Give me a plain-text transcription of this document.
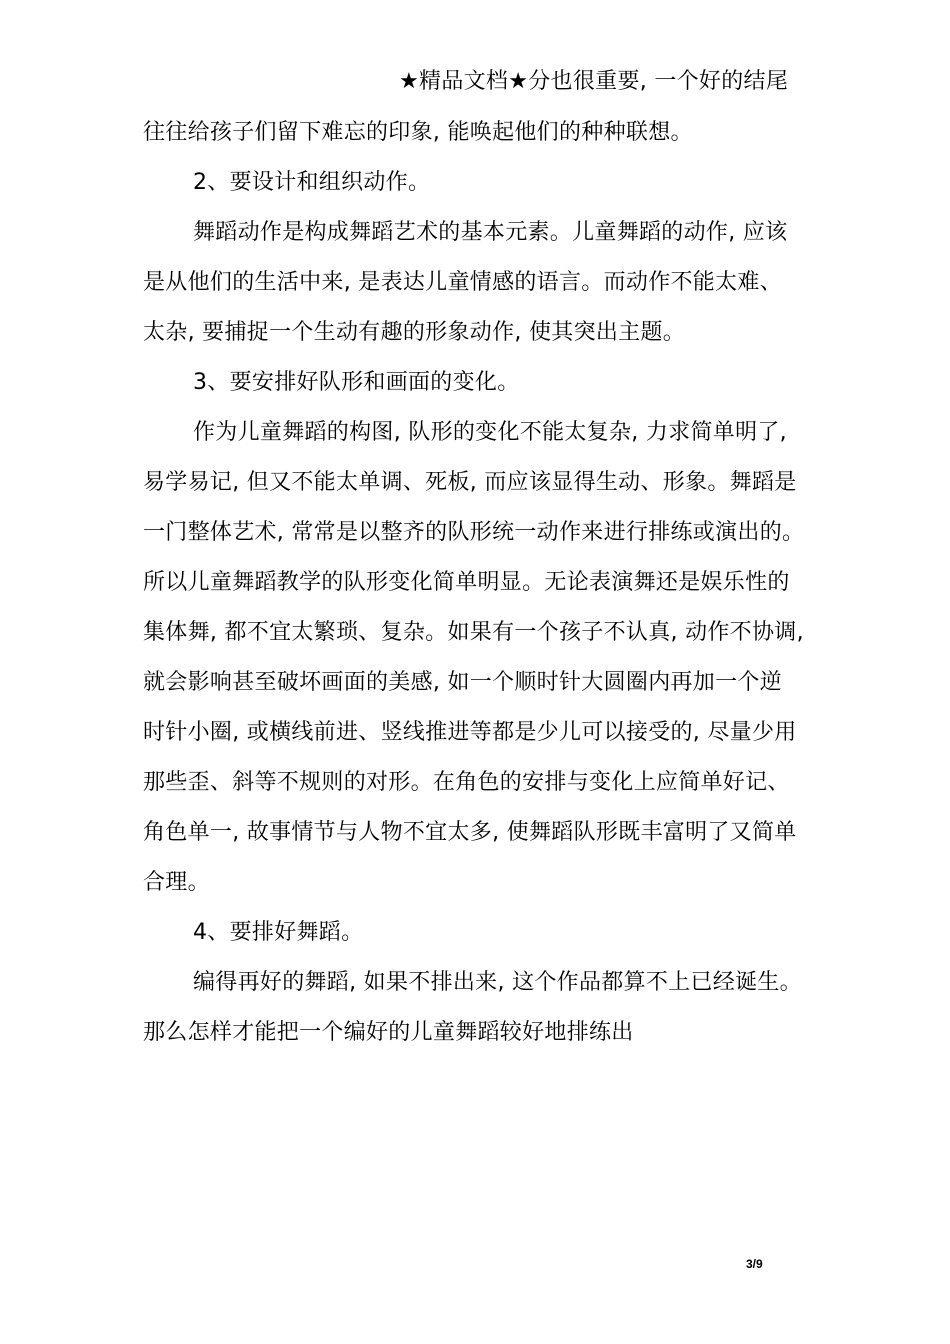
★精品文档★分也很重要, 一个好的结尾
往往给孩子们留下难忘的印象, 能唤起他们的种种联想。
2、要设计和组织动作。
舞蹈动作是构成舞蹈艺术的基本元素。儿童舞蹈的动作, 应该
是从他们的生活中来, 是表达儿童情感的语言。而动作不能太难、
太杂, 要捕捉一个生动有趣的形象动作, 使其突出主题。
3、要安排好队形和画面的变化。
作为儿童舞蹈的构图, 队形的变化不能太复杂, 力求简单明了,
易学易记, 但又不能太单调、死板, 而应该显得生动、形象。舞蹈是
一门整体艺术, 常常是以整齐的队形统一动作来进行排练或演出的。
所以儿童舞蹈教学的队形变化简单明显。无论表演舞还是娱乐性的
集体舞, 都不宜太繁琐、复杂。如果有一个孩子不认真, 动作不协调,
就会影响甚至破坏画面的美感, 如一个顺时针大圆圈内再加一个逆
时针小圈, 或横线前进、竖线推进等都是少儿可以接受的, 尽量少用
那些歪、斜等不规则的对形。在角色的安排与变化上应简单好记、
角色单一, 故事情节与人物不宜太多, 使舞蹈队形既丰富明了又简单
合理。
4、要排好舞蹈。
编得再好的舞蹈, 如果不排出来, 这个作品都算不上已经诞生。
那么怎样才能把一个编好的儿童舞蹈较好地排练出
3/9
